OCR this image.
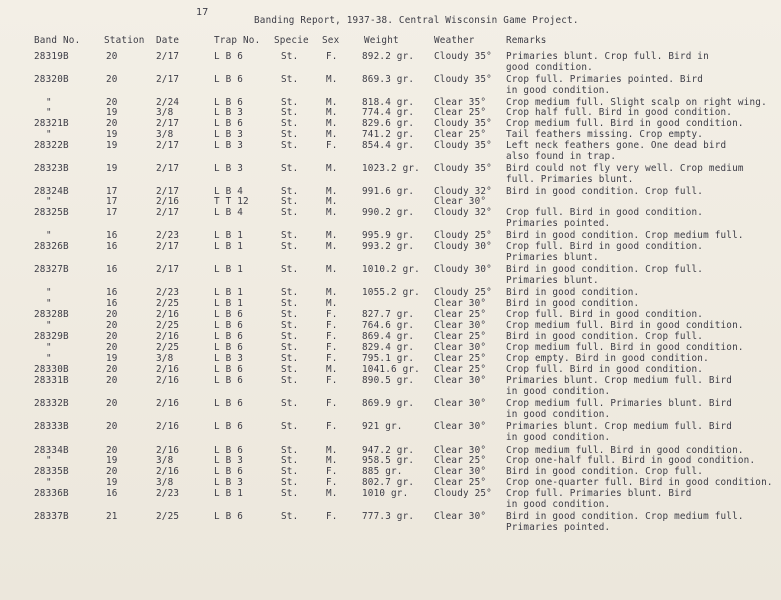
17
Banding Report, 1937-38. Central Wisconsin Game Project.
Band No.	Station Date	Trap No. Specie Sex	Weight	Weather	Remarks
28319B	20	2/17	L B 6	St.	F.	892.2 gr. Cloudy 35° Primaries blunt. Crop full. Bird in
good condition.
28320B	20	2/17	L B 6	St.	M.	869.3 gr. Cloudy 35° Crop full. Primaries pointed. Bird
in good condition.
"	20	2/24	L B 6	St.	M.	818.4 gr. Clear 35° Crop medium full. Slight scalp on right wing.
"	19	3/8	L B 3	St.	M.	774.4 gr. Clear 25° Crop half full. Bird in good condition.
28321B	20	2/17	L B 6	St.	M.	829.6 gr. Cloudy 35° Crop medium full. Bird in good condition.
"	19	3/8	L B 3	St.	M.	741.2 gr. Clear 25° Tail feathers missing. Crop empty.
28322B	19	2/17	L B 3	St.	F.	854.4 gr. Cloudy 35° Left neck feathers gone. One dead bird
also found in trap.
28323B	19	2/17	L B 3	St.	M.	1023.2 gr. Cloudy 35° Bird could not fly very well. Crop medium
full. Primaries blunt.
28324B	17	2/17	L B 4	St.	M.	991.6 gr. Cloudy 32° Bird in good condition. Crop full.
"	17	2/16	T T 12	St.	M.	Clear 30°
28325B	17	2/17	L B 4	St.	M.	990.2 gr. Cloudy 32° Crop full. Bird in good condition.
Primaries pointed.
"	16	2/23	L B 1	St.	M.	995.9 gr. Cloudy 25° Bird in good condition. Crop medium full.
28326B	16	2/17	L B 1	St.	M.	993.2 gr. Cloudy 30° Crop full. Bird in good condition.
Primaries blunt.
28327B	16	2/17	L B 1	St.	M.	1010.2 gr. Cloudy 30° Bird in good condition. Crop full.
Primaries blunt.
"	16	2/23	L B 1	St.	M.	1055.2 gr. Cloudy 25° Bird in good condition.
"	16	2/25	L B 1	St.	M.	Clear 30° Bird in good condition.
28328B	20	2/16	L B 6	St.	F.	827.7 gr. Clear 25° Crop full. Bird in good condition.
"	20	2/25	L B 6	St.	F.	764.6 gr. Clear 30° Crop medium full. Bird in good condition.
28329B	20	2/16	L B 6	St.	F.	869.4 gr. Clear 25° Bird in good condition. Crop full.
"	20	2/25	L B 6	St.	F.	829.4 gr. Clear 30° Crop medium full. Bird in good condition.
"	19	3/8	L B 3	St.	F.	795.1 gr. Clear 25° Crop empty. Bird in good condition.
28330B	20	2/16	L B 6	St.	M.	1041.6 gr. Clear 25° Crop full. Bird in good condition.
28331B	20	2/16	L B 6	St.	F.	890.5 gr. Clear 30° Primaries blunt. Crop medium full. Bird
in good condition.
28332B	20	2/16	L B 6	St.	F.	869.9 gr. Clear 30° Crop medium full. Primaries blunt. Bird
in good condition.
28333B	20	2/16	L B 6	St.	F.	921 gr.	Clear 30° Primaries blunt. Crop medium full. Bird
in good condition.
28334B	20	2/16	L B 6	St.	M.	947.2 gr. Clear 30° Crop medium full. Bird in good condition.
"	19	3/8	L B 3	St.	M.	958.5 gr. Clear 25° Crop one-half full. Bird in good condition.
28335B	20	2/16	L B 6	St.	F.	885 gr.	Clear 30° Bird in good condition. Crop full.
"	19	3/8	L B 3	St.	F.	802.7 gr. Clear 25° Crop one-quarter full. Bird in good condition.
28336B	16	2/23	L B 1	St.	M.	1010 gr.	Cloudy 25° Crop full. Primaries blunt. Bird
in good condition.
28337B	21	2/25	L B 6	St.	F.	777.3 gr. Clear 30° Bird in good condition. Crop medium full.
Primaries pointed.
